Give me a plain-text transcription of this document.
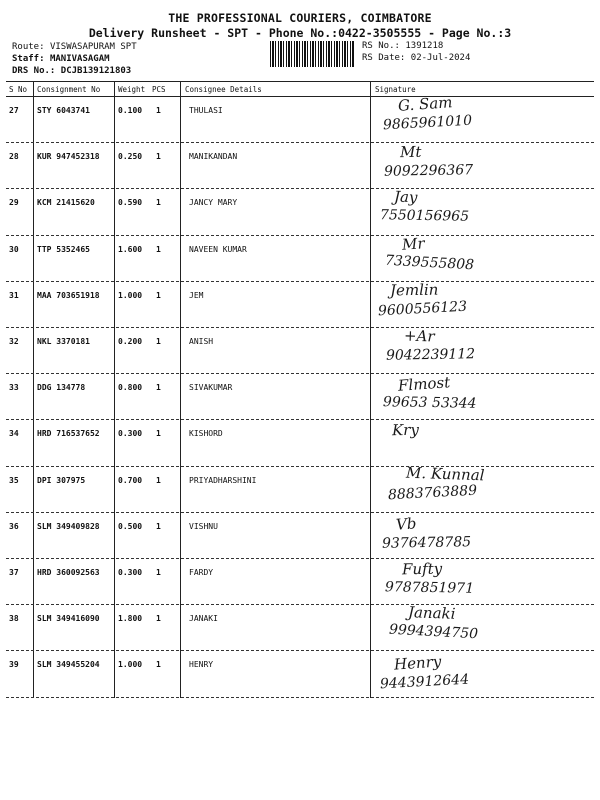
THE PROFESSIONAL COURIERS, COIMBATORE
Delivery Runsheet - SPT - Phone No.:0422-3505555 - Page No.:3
Route: VISWASAPURAM SPT
Staff: MANIVASAGAM
DRS No.: DCJB139121803
RS No.: 1391218
RS Date: 02-Jul-2024
S No Consignment No Weight PCS	Consignee Details	Signature
27 STY 6043741	0.100 1	THULASI	G. Sam
9865961010
28 KUR 947452318 0.250 1	MANIKANDAN	Mt
9092296367
29 KCM 21415620	0.590 1	JANCY MARY	Jay
7550156965
30 TTP 5352465	1.600 1	NAVEEN KUMAR	Mr
7339555808
31 MAA 703651918 1.000 1	JEM	Jemlin
9600556123
32 NKL 3370181	0.200 1	ANISH	+Ar
9042239112
33 DDG 134778	0.800 1	SIVAKUMAR	Flmost
99653 53344
34 HRD 716537652 0.300 1	KISHORD	Kry
35 DPI 307975	0.700 1	PRIYADHARSHINI	M. Kunnal
8883763889
36 SLM 349409828 0.500 1	VISHNU	Vb
9376478785
37 HRD 360092563 0.300 1	FARDY	Fufty
9787851971
38 SLM 349416090 1.800 1	JANAKI	Janaki
9994394750
39 SLM 349455204 1.000 1	HENRY	Henry
9443912644
